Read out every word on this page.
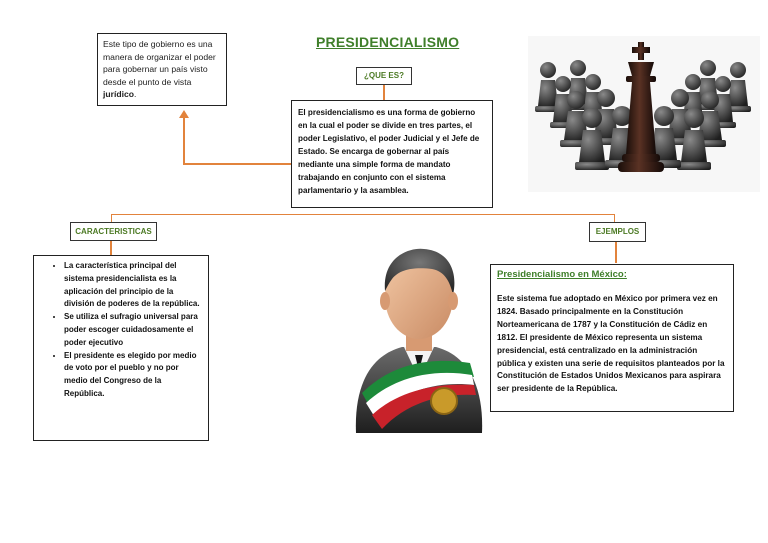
PRESIDENCIALISMO
Este tipo de gobierno es una manera de organizar el poder para gobernar un país visto desde el punto de vista jurídico.
¿QUE ES?
El presidencialismo es una forma de gobierno en la cual el poder se divide en tres partes, el poder Legislativo, el poder Judicial y el Jefe de Estado. Se encarga de gobernar al país mediante una simple forma de mandato trabajando en conjunto con el sistema parlamentario y la asamblea.
CARACTERISTICAS
• La característica principal del sistema presidencialista es la aplicación del principio de la división de poderes de la república.
• Se utiliza el sufragio universal para poder escoger cuidadosamente el poder ejecutivo
• El presidente es elegido por medio de voto por el pueblo y no por medio del Congreso de la República.
EJEMPLOS
Presidencialismo en México:
Este sistema fue adoptado en México por primera vez en 1824. Basado principalmente en la Constitución Norteamericana de 1787 y la Constitución de Cádiz en 1812. El presidente de México representa un sistema presidencial, está centralizado en la administración pública y existen una serie de requisitos planteados por la Constitución de Estados Unidos Mexicanos para aspirara ser presidente de la República.
